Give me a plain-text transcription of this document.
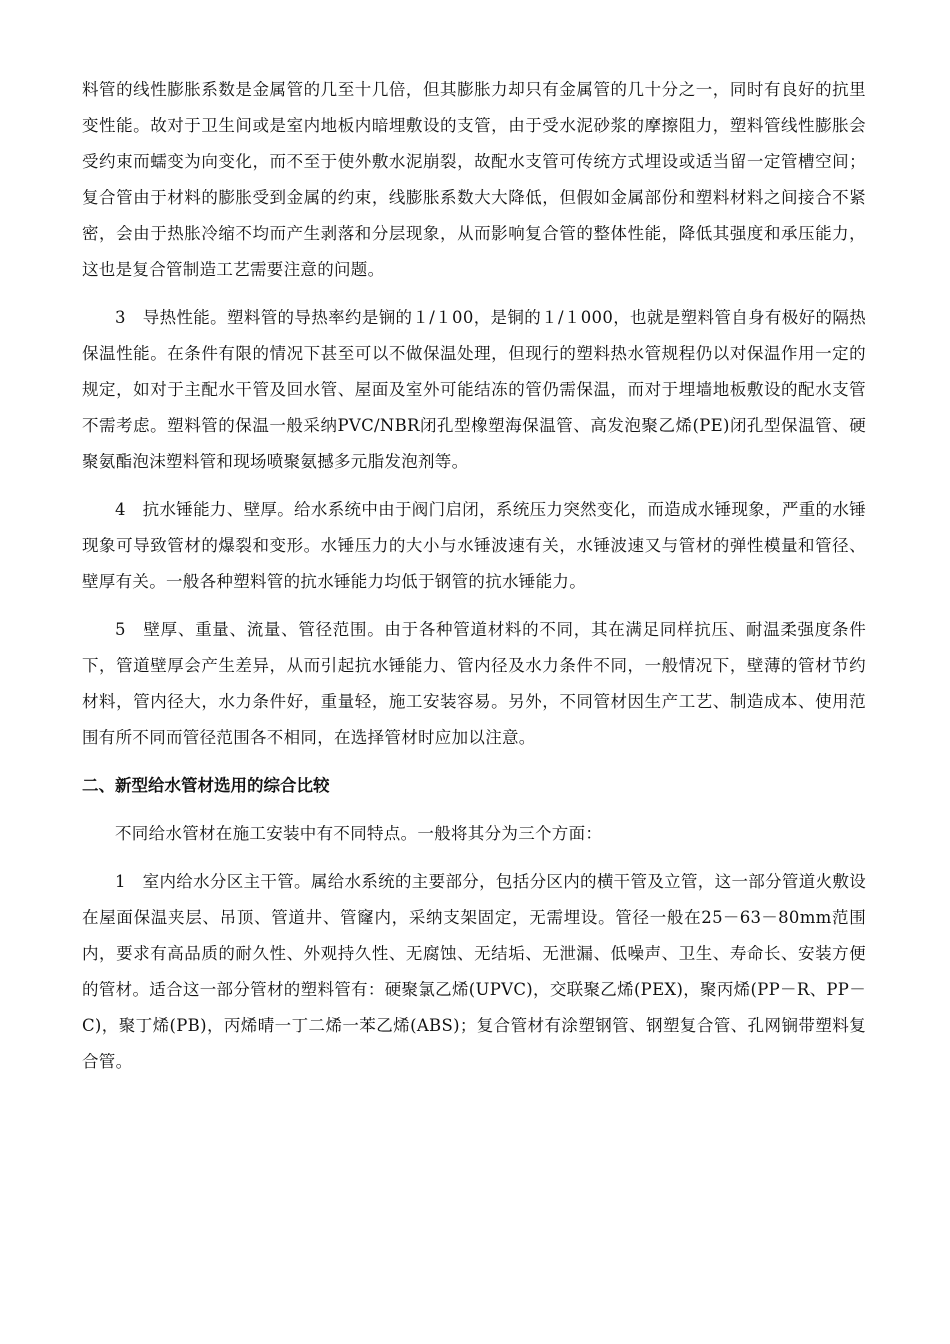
料管的线性膨胀系数是金属管的几至十几倍，但其膨胀力却只有金属管的几十分之一，同时有良好的抗里变性能。故对于卫生间或是室内地板内暗埋敷设的支管，由于受水泥砂浆的摩擦阻力，塑料管线性膨胀会受约束而蠕变为向变化，而不至于使外敷水泥崩裂，故配水支管可传统方式埋设或适当留一定管槽空间；复合管由于材料的膨胀受到金属的约束，线膨胀系数大大降低，但假如金属部份和塑料材料之间接合不紧密，会由于热胀冷缩不均而产生剥落和分层现象，从而影响复合管的整体性能，降低其强度和承压能力，这也是复合管制造工艺需要注意的问题。

3　导热性能。塑料管的导热率约是锎的１/１00，是铜的１/１000，也就是塑料管自身有极好的隔热保温性能。在条件有限的情况下甚至可以不做保温处理，但现行的塑料热水管规程仍以对保温作用一定的规定，如对于主配水干管及回水管、屋面及室外可能结冻的管仍需保温，而对于埋墙地板敷设的配水支管不需考虑。塑料管的保温一般采纳PVC/NBR闭孔型橡塑海保温管、高发泡聚乙烯(PE)闭孔型保温管、硬聚氨酯泡沫塑料管和现场喷聚氨撼多元脂发泡剂等。

4　抗水锤能力、壁厚。给水系统中由于阀门启闭，系统压力突然变化，而造成水锤现象，严重的水锤现象可导致管材的爆裂和变形。水锤压力的大小与水锤波速有关，水锤波速又与管材的弹性模量和管径、壁厚有关。一般各种塑料管的抗水锤能力均低于钢管的抗水锤能力。

5　壁厚、重量、流量、管径范围。由于各种管道材料的不同，其在满足同样抗压、耐温柔强度条件下，管道壁厚会产生差异，从而引起抗水锤能力、管内径及水力条件不同，一般情况下，壁薄的管材节约材料，管内径大，水力条件好，重量轻，施工安装容易。另外，不同管材因生产工艺、制造成本、使用范围有所不同而管径范围各不相同，在选择管材时应加以注意。

二、新型给水管材选用的综合比较

不同给水管材在施工安装中有不同特点。一般将其分为三个方面：

1　室内给水分区主干管。属给水系统的主要部分，包括分区内的横干管及立管，这一部分管道火敷设在屋面保温夹层、吊顶、管道井、管窿内，采纳支架固定，无需埋设。管径一般在25－63－80mm范围内，要求有高品质的耐久性、外观持久性、无腐蚀、无结垢、无泄漏、低噪声、卫生、寿命长、安装方便的管材。适合这一部分管材的塑料管有：硬聚氯乙烯(UPVC)，交联聚乙烯(PEX)，聚丙烯(PP－R、PP－C)，聚丁烯(PB)，丙烯晴一丁二烯一苯乙烯(ABS)；复合管材有涂塑钢管、钢塑复合管、孔网锎带塑料复合管。
